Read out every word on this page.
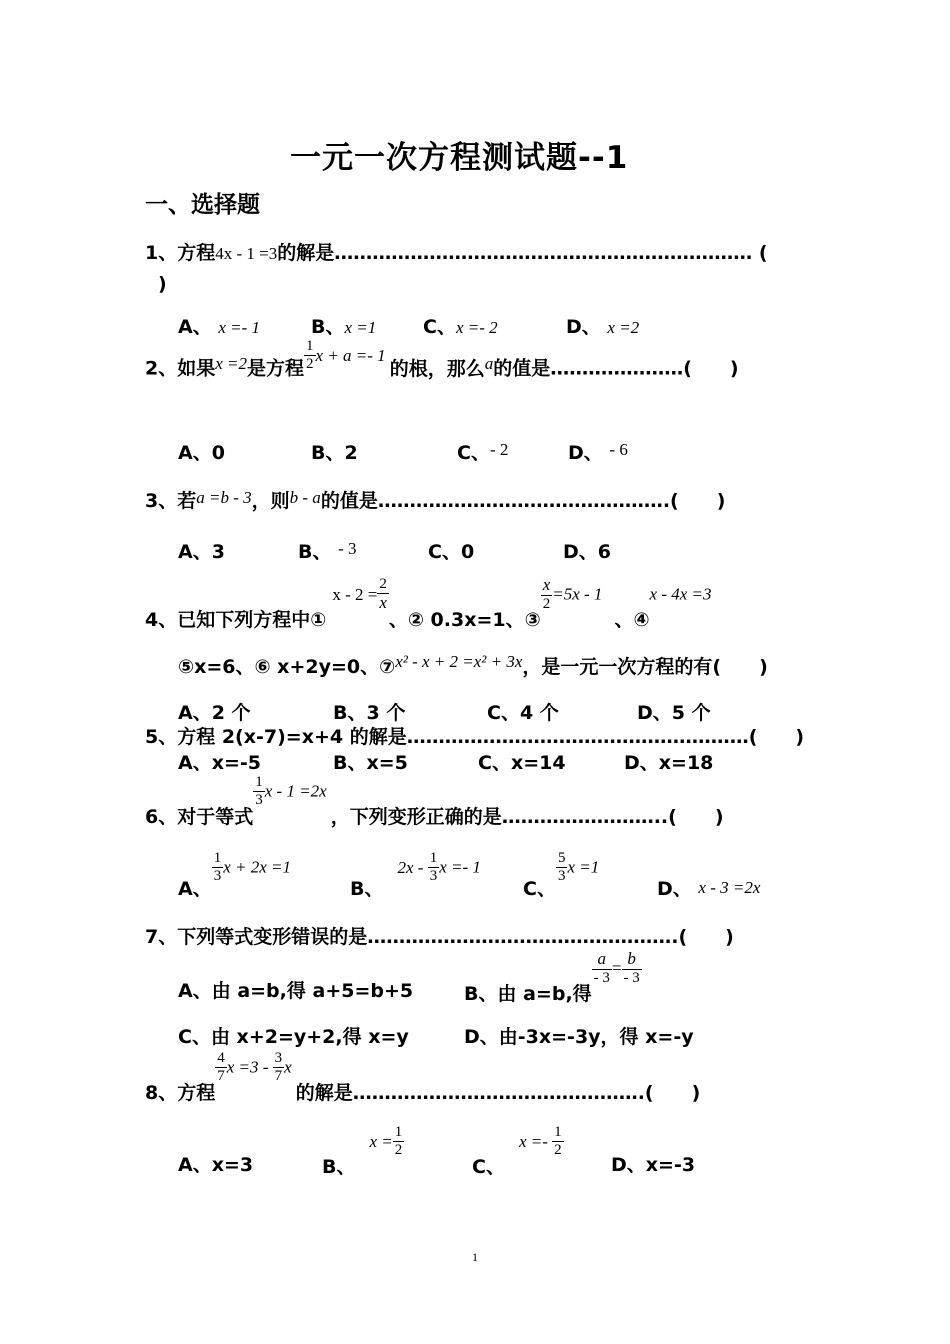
一元一次方程测试题--1
一、选择题
1、方程4x - 1 =3的解是………………………………………………………… (
)
A、 x =- 1	B、x =1 C、x =- 2	D、 x =2
2、如果x =2是方程 $\frac{1}{2}$ x + a =- 1的根，那么a的值是…………………(　　)
A、0	B、2	C、- 2	D、 - 6
3、若a =b - 3，则b - a的值是……………………………………….(　　)
A、3	B、 - 3	C、0	D、6
4、已知下列方程中①x - $2 = \frac{2}{x}$
、② 0.3x=1、③
$\frac{x}{2} =5x - 1$、④x - 4x =3
⑤x=6、⑥ x+2y=0、⑦x² - x + 2 =x² + 3x，是一元一次方程的有(　　)
A、2 个	B、3 个	C、4 个	D、5 个
5、方程 2(x-7)=x+4 的解是………………………………………………(　　)
A、x=-5	B、x=5	C、x=14	D、x=18
6、对于等式
$\frac{1}{3}$ x - 1 =2x，下列变形正确的是……………………..(　　)
A、
$\frac{1}{3}$ x + 2x =1
B、$2x - \frac{1}{3}$ x =- 1
C、
$\frac{5}{3}$ x =1
D、 x - 3 =2x
7、下列等式变形错误的是………………………………………….(　　)
A、由 a=b,得 a+5=b+5	B、由 a=b,得
$\frac{a}{- 3} = \frac{b}{- 3}$
C、由 x+2=y+2,得 x=y	D、由-3x=-3y，得 x=-y
8、方程
$\frac{4}{7}$ $x =3 - \frac{3}{7}$ x的解是……………………………………….(　　)
A、x=3	B、$x = \frac{1}{2}$
C、$x =- \frac{1}{2}$
D、x=-3
1
